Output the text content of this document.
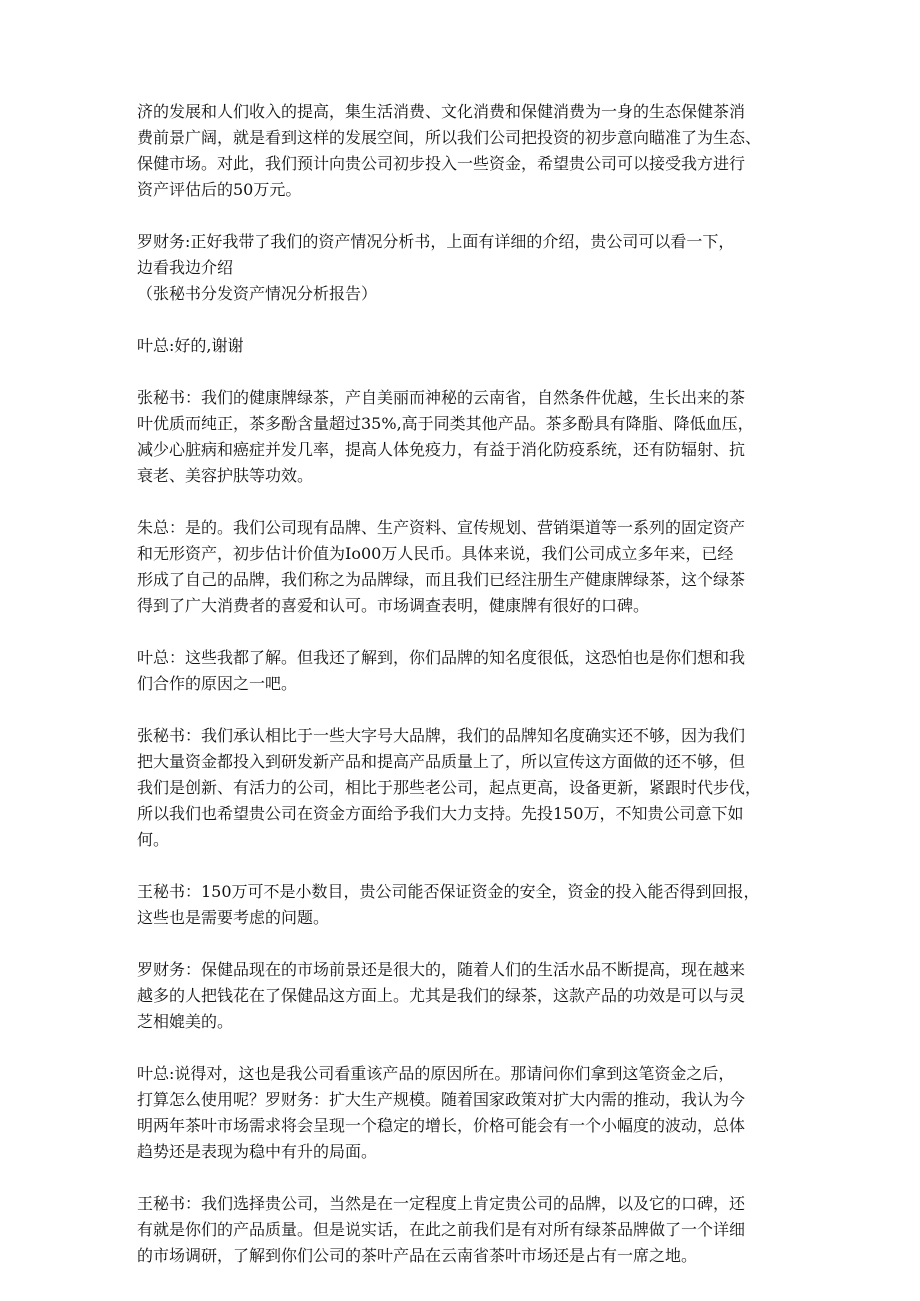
济的发展和人们收入的提高，集生活消费、文化消费和保健消费为一身的生态保健茶消
费前景广阔，就是看到这样的发展空间，所以我们公司把投资的初步意向瞄准了为生态、
保健市场。对此，我们预计向贵公司初步投入一些资金，希望贵公司可以接受我方进行
资产评估后的50万元。
罗财务:正好我带了我们的资产情况分析书，上面有详细的介绍，贵公司可以看一下，
边看我边介绍
（张秘书分发资产情况分析报告）
叶总:好的,谢谢
张秘书：我们的健康牌绿茶，产自美丽而神秘的云南省，自然条件优越，生长出来的茶
叶优质而纯正，茶多酚含量超过35%,高于同类其他产品。茶多酚具有降脂、降低血压，
减少心脏病和癌症并发几率，提高人体免疫力，有益于消化防疫系统，还有防辐射、抗
衰老、美容护肤等功效。
朱总：是的。我们公司现有品牌、生产资料、宣传规划、营销渠道等一系列的固定资产
和无形资产，初步估计价值为Io00万人民币。具体来说，我们公司成立多年来，已经
形成了自己的品牌，我们称之为品牌绿，而且我们已经注册生产健康牌绿茶，这个绿茶
得到了广大消费者的喜爱和认可。市场调查表明，健康牌有很好的口碑。
叶总：这些我都了解。但我还了解到，你们品牌的知名度很低，这恐怕也是你们想和我
们合作的原因之一吧。
张秘书：我们承认相比于一些大字号大品牌，我们的品牌知名度确实还不够，因为我们
把大量资金都投入到研发新产品和提高产品质量上了，所以宣传这方面做的还不够，但
我们是创新、有活力的公司，相比于那些老公司，起点更高，设备更新，紧跟时代步伐，
所以我们也希望贵公司在资金方面给予我们大力支持。先投150万，不知贵公司意下如
何。
王秘书：150万可不是小数目，贵公司能否保证资金的安全，资金的投入能否得到回报，
这些也是需要考虑的问题。
罗财务：保健品现在的市场前景还是很大的，随着人们的生活水品不断提高，现在越来
越多的人把钱花在了保健品这方面上。尤其是我们的绿茶，这款产品的功效是可以与灵
芝相媲美的。
叶总:说得对，这也是我公司看重该产品的原因所在。那请问你们拿到这笔资金之后，
打算怎么使用呢？罗财务：扩大生产规模。随着国家政策对扩大内需的推动，我认为今
明两年茶叶市场需求将会呈现一个稳定的增长，价格可能会有一个小幅度的波动，总体
趋势还是表现为稳中有升的局面。
王秘书：我们选择贵公司，当然是在一定程度上肯定贵公司的品牌，以及它的口碑，还
有就是你们的产品质量。但是说实话，在此之前我们是有对所有绿茶品牌做了一个详细
的市场调研，了解到你们公司的茶叶产品在云南省茶叶市场还是占有一席之地。
